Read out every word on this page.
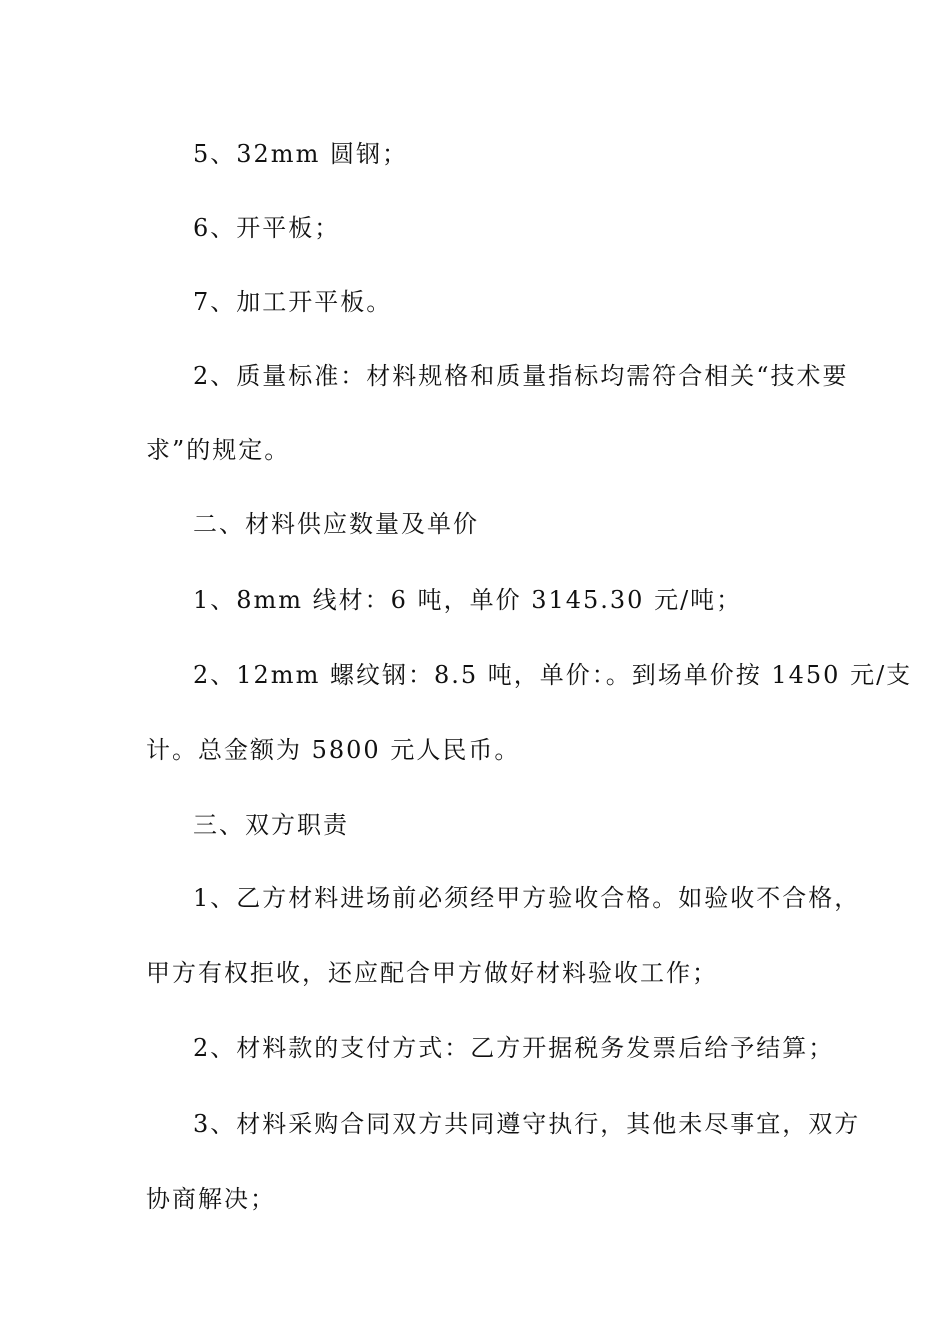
5、32mm 圆钢；
6、开平板；
7、加工开平板。
2、质量标准：材料规格和质量指标均需符合相关“技术要
求”的规定。
二、材料供应数量及单价
1、8mm 线材：6 吨，单价 3145.30 元/吨；
2、12mm 螺纹钢：8.5 吨，单价：。到场单价按 1450 元/支
计。总金额为 5800 元人民币。
三、双方职责
1、乙方材料进场前必须经甲方验收合格。如验收不合格，
甲方有权拒收，还应配合甲方做好材料验收工作；
2、材料款的支付方式：乙方开据税务发票后给予结算；
3、材料采购合同双方共同遵守执行，其他未尽事宜，双方
协商解决；
